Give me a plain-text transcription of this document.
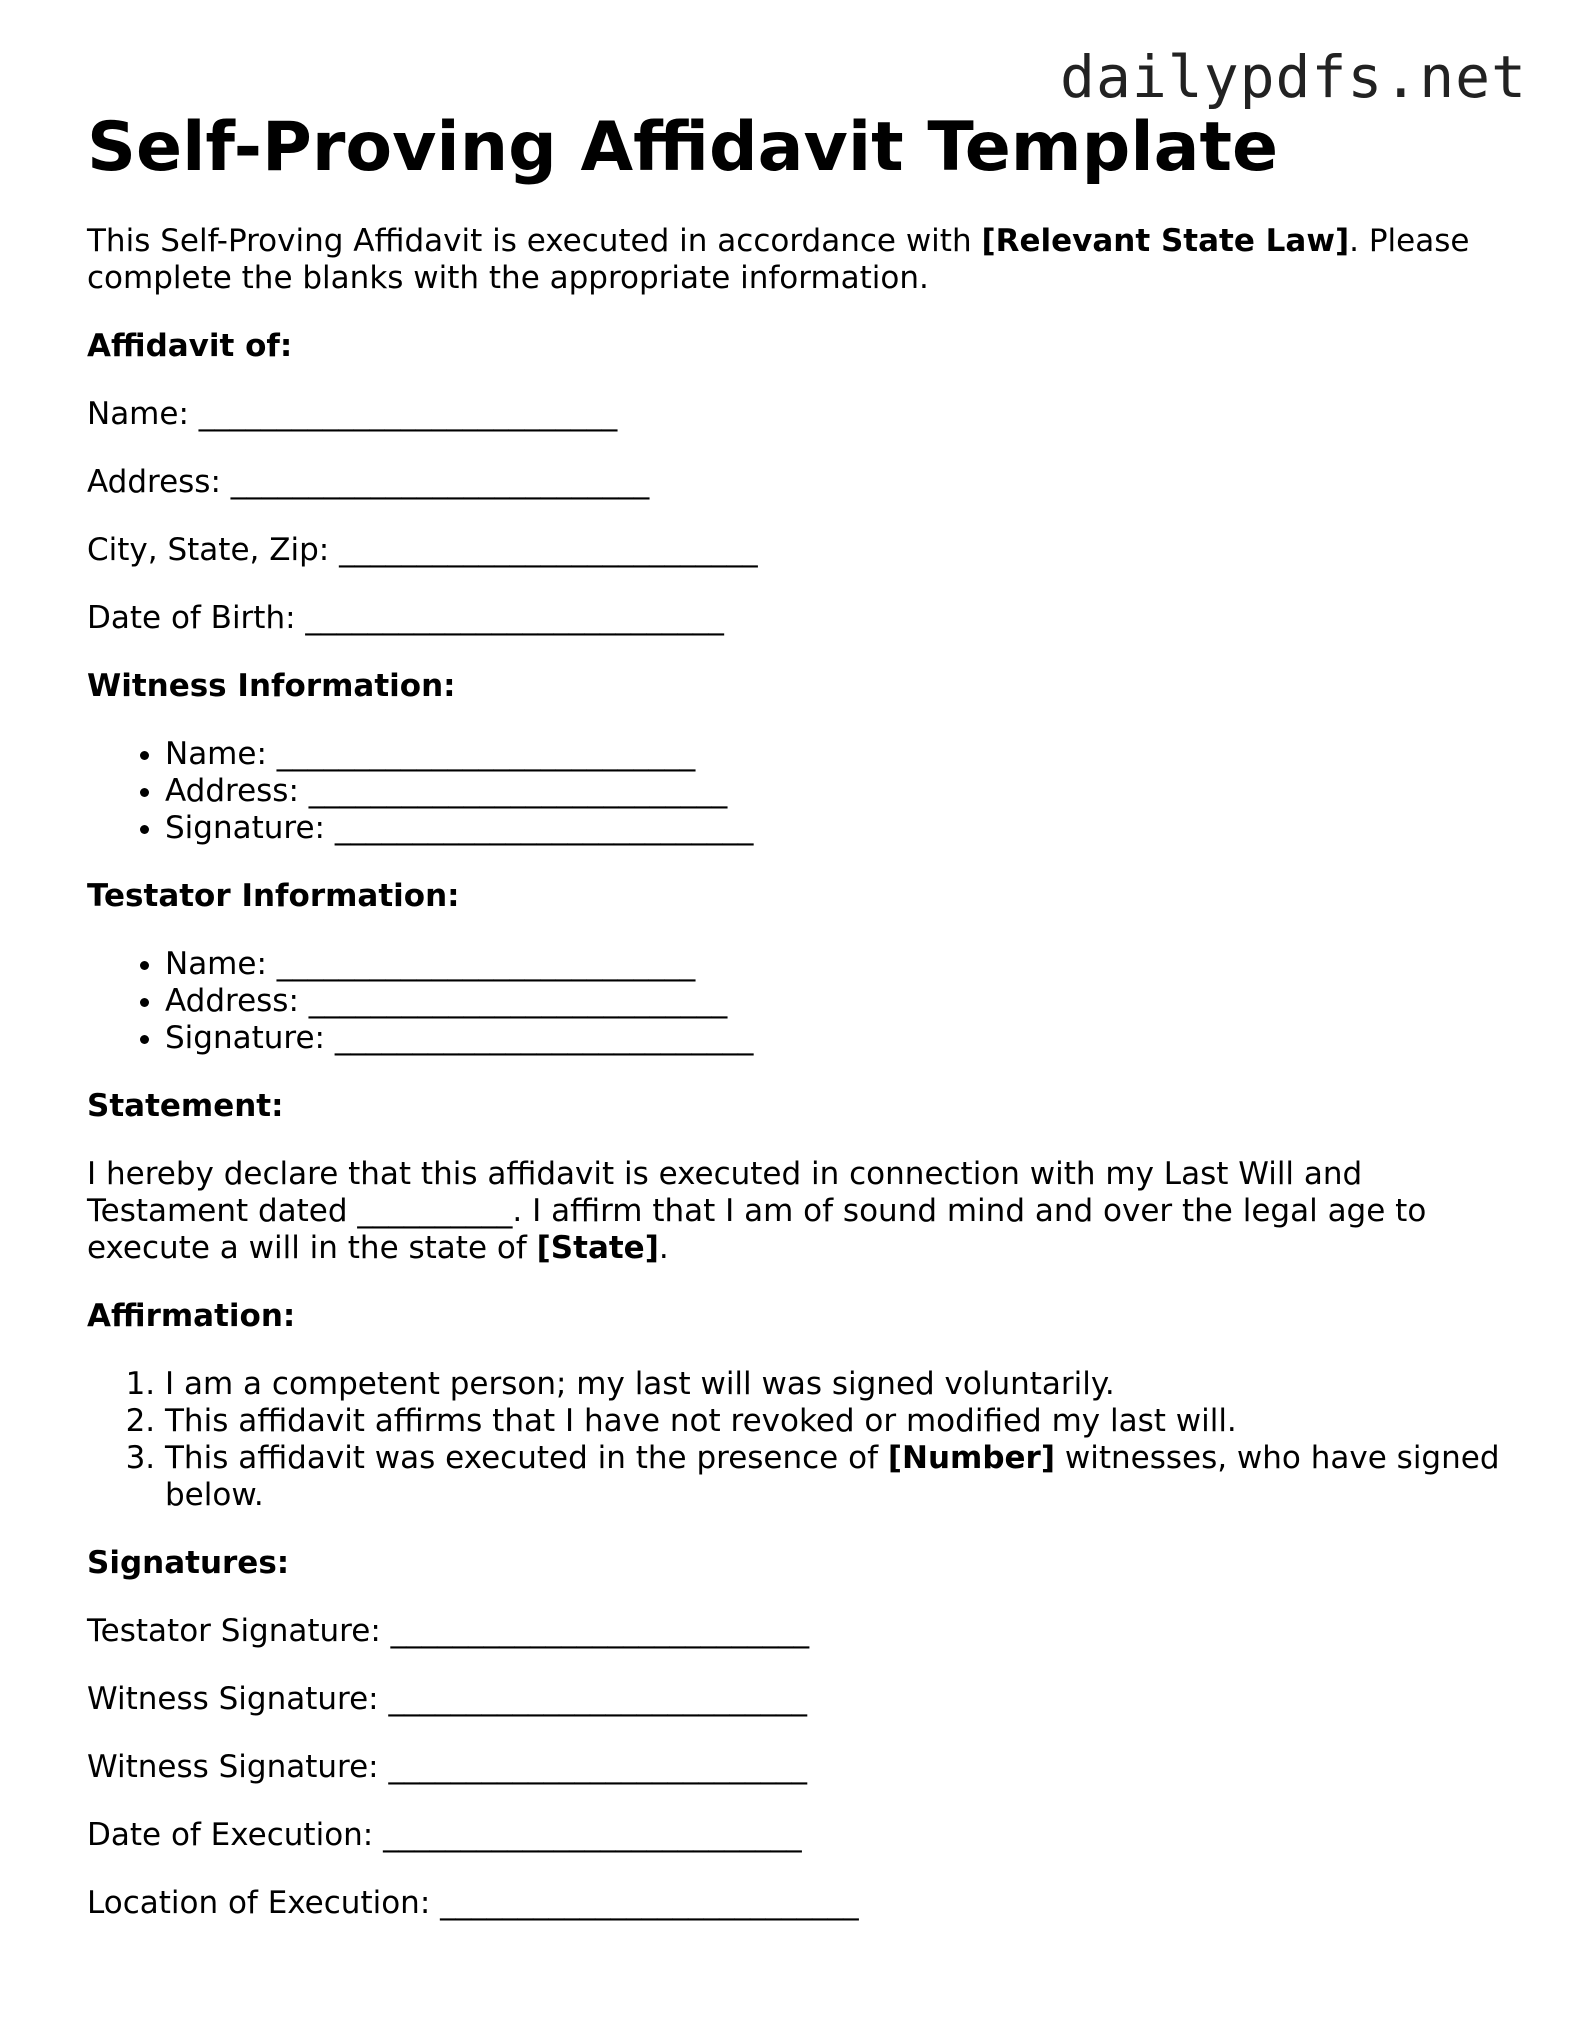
dailypdfs.net
Self-Proving Affidavit Template

This Self-Proving Affidavit is executed in accordance with [Relevant State Law]. Please complete the blanks with the appropriate information.

Affidavit of:
Name: ___________________________
Address: ___________________________
City, State, Zip: ___________________________
Date of Birth: ___________________________
Witness Information:
• Name: ___________________________
• Address: ___________________________
• Signature: ___________________________
Testator Information:
• Name: ___________________________
• Address: ___________________________
• Signature: ___________________________
Statement:

I hereby declare that this affidavit is executed in connection with my Last Will and Testament dated __________. I affirm that I am of sound mind and over the legal age to execute a will in the state of [State].

Affirmation:
1. I am a competent person; my last will was signed voluntarily.
2. This affidavit affirms that I have not revoked or modified my last will.
3. This affidavit was executed in the presence of [Number] witnesses, who have signed below.
Signatures:
Testator Signature: ___________________________
Witness Signature: ___________________________
Witness Signature: ___________________________
Date of Execution: ___________________________
Location of Execution: ___________________________
